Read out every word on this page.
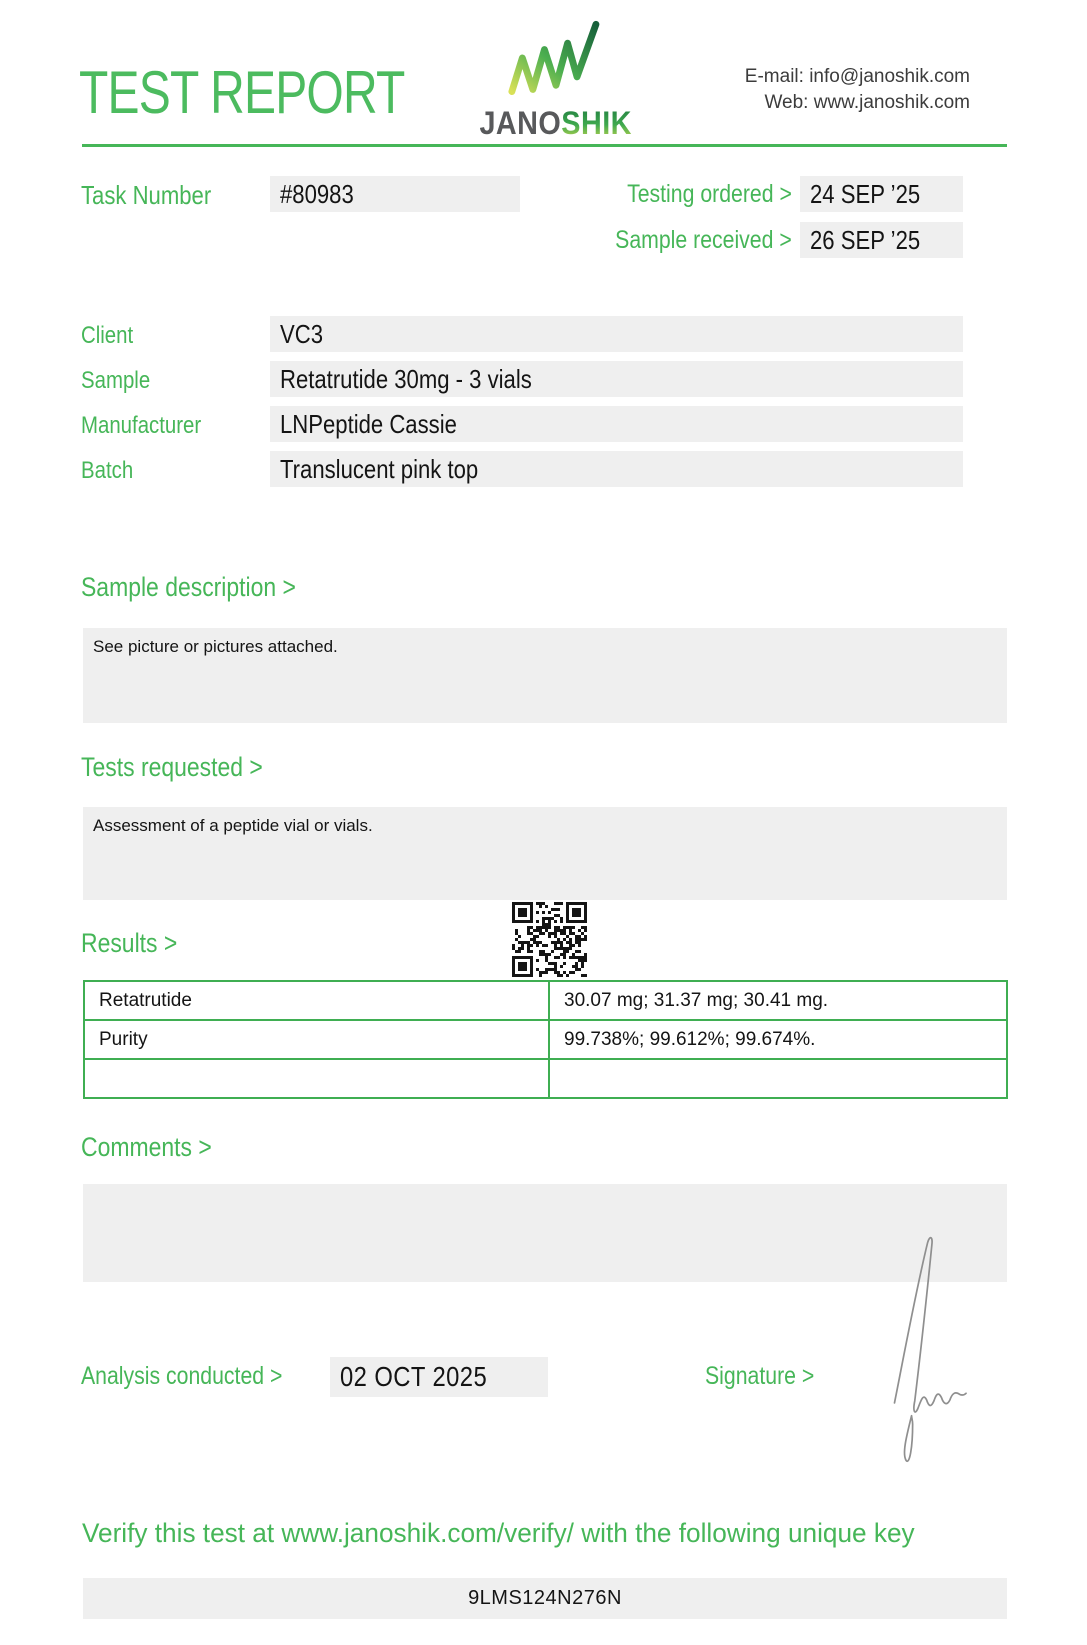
TEST REPORT	JANOSHIK
E-mail: info@janoshik.com
Web: www.janoshik.com
Task Number	#80983	Testing ordered > 24 SEP ’25
Sample received > 26 SEP ’25
Client	VC3
Sample	Retatrutide 30mg - 3 vials
Manufacturer	LNPeptide Cassie
Batch	Translucent pink top
Sample description >
See picture or pictures attached.
Tests requested >
Assessment of a peptide vial or vials.
Results >
Retatrutide	30.07 mg; 31.37 mg; 30.41 mg.
Purity	99.738%; 99.612%; 99.674%.

Comments >
Analysis conducted >	02 OCT 2025	Signature >
Verify this test at www.janoshik.com/verify/ with the following unique key
9LMS124N276N
